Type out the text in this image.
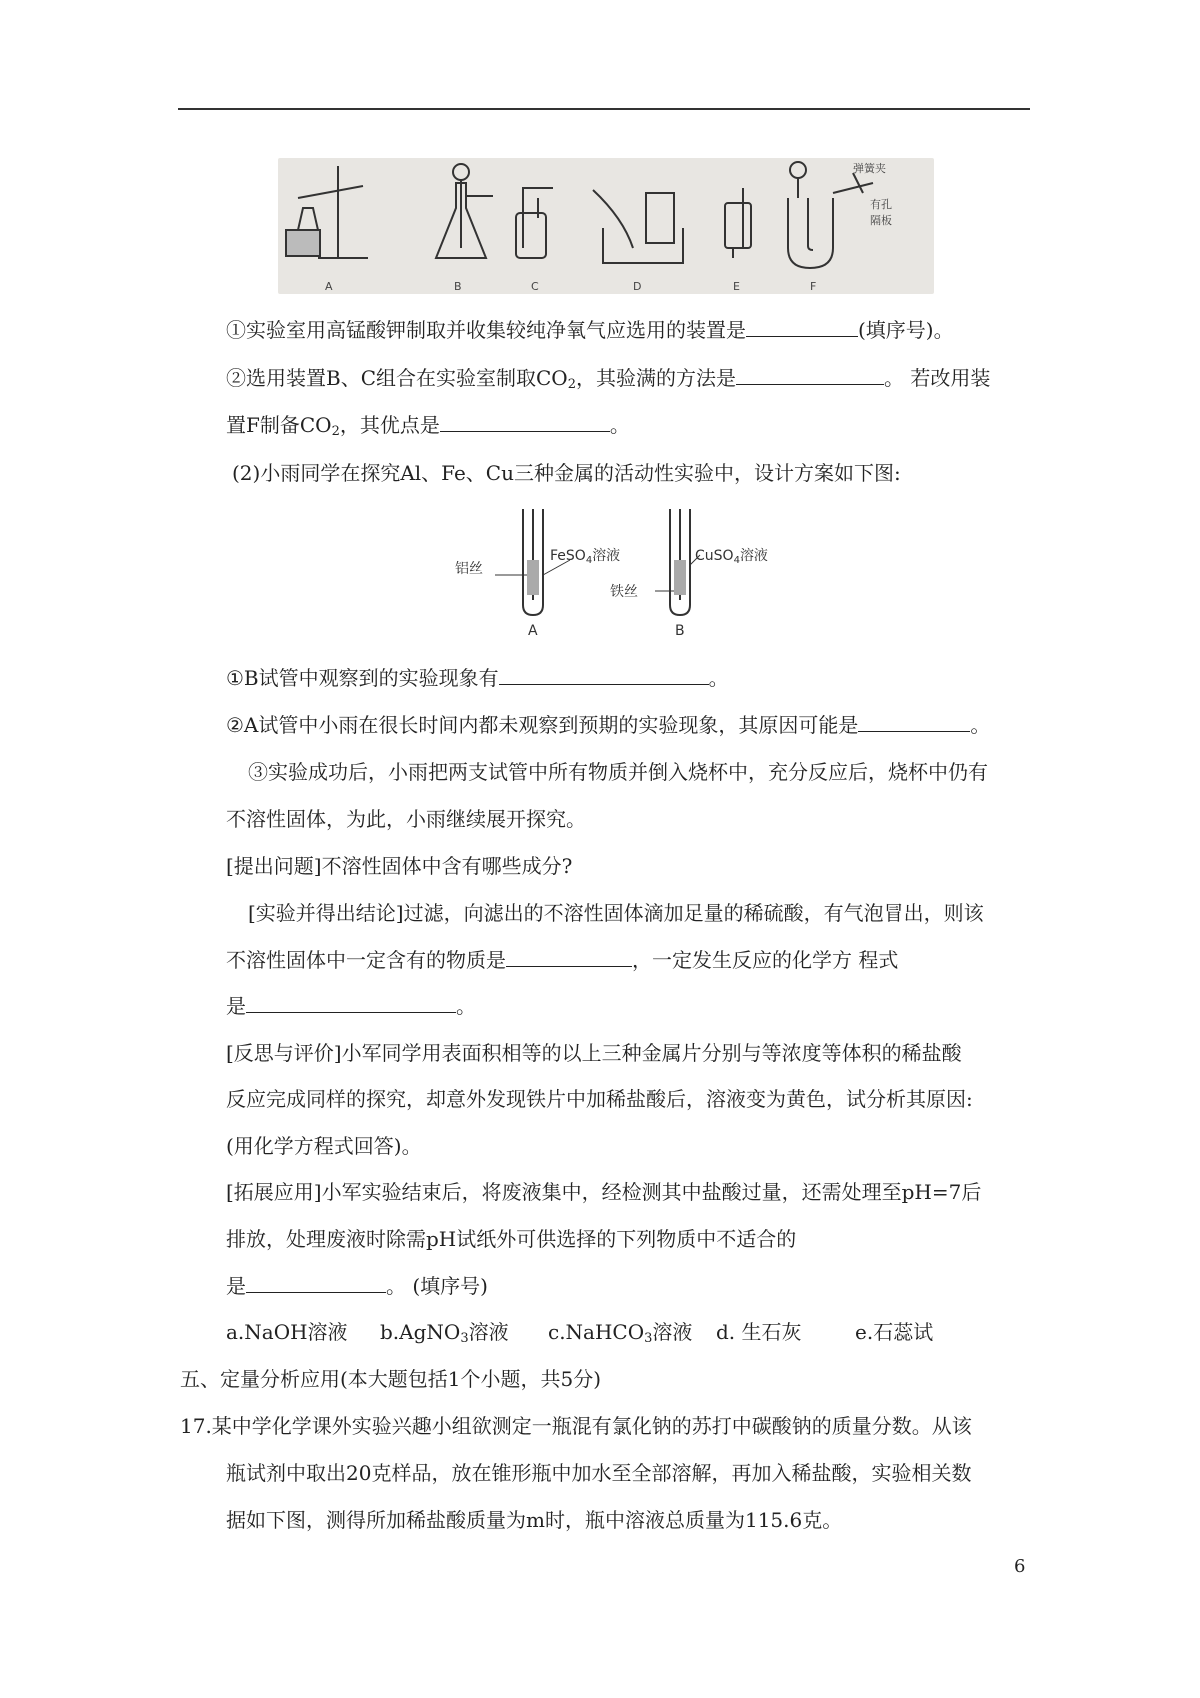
弹簧夹
有孔
隔板
A	B	C	D	E	F
①实验室用高锰酸钾制取并收集较纯净氧气应选用的装置是	(填序号)。
②选用装置B、C组合在实验室制取$CO_2$，其验满的方法是	。 若改用装
置F制备$CO_2$，其优点是	。
(2)小雨同学在探究Al、Fe、Cu三种金属的活动性实验中，设计方案如下图:
铝丝
FeSO$_4$溶液	CuSO$_4$溶液
铁丝
A	B
①B试管中观察到的实验现象有	。
②A试管中小雨在很长时间内都未观察到预期的实验现象，其原因可能是	。
③实验成功后，小雨把两支试管中所有物质并倒入烧杯中，充分反应后，烧杯中仍有
不溶性固体，为此，小雨继续展开探究。
[提出问题]不溶性固体中含有哪些成分?
[实验并得出结论]过滤，向滤出的不溶性固体滴加足量的稀硫酸，有气泡冒出，则该
不溶性固体中一定含有的物质是	，一定发生反应的化学方 程式
是	。
[反思与评价]小军同学用表面积相等的以上三种金属片分别与等浓度等体积的稀盐酸
反应完成同样的探究，却意外发现铁片中加稀盐酸后，溶液变为黄色，试分析其原因:
(用化学方程式回答)。
[拓展应用]小军实验结束后，将废液集中，经检测其中盐酸过量，还需处理至pH=7后
排放，处理废液时除需pH试纸外可供选择的下列物质中不适合的
是	。 (填序号)
a.NaOH溶液 b.AgNO$_3$溶液 c.NaHCO$_3$溶液 d. 生石灰	e.石蕊试
五、定量分析应用(本大题包括1个小题，共5分)
17.某中学化学课外实验兴趣小组欲测定一瓶混有氯化钠的苏打中碳酸钠的质量分数。从该
瓶试剂中取出20克样品，放在锥形瓶中加水至全部溶解，再加入稀盐酸，实验相关数
据如下图，测得所加稀盐酸质量为m时，瓶中溶液总质量为115.6克。
6
